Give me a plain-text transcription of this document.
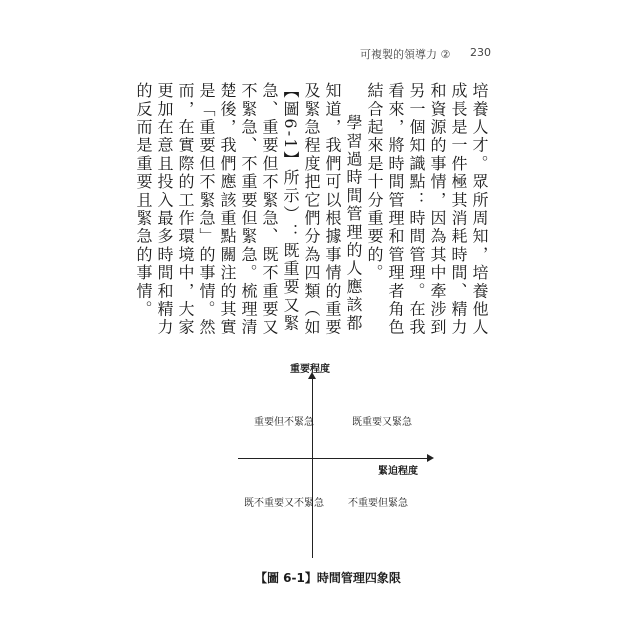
可複製的領導力 ② 230

培養人才。眾所周知，培養他人成長是一件極其消耗時間、精力和資源的事情，因為其中牽涉到另一個知識點：時間管理。在我看來，將時間管理和管理者角色結合起來是十分重要的。

學習過時間管理的人應該都知道，我們可以根據事情的重要及緊急程度把它們分為四類（如【圖6-1】所示）：既重要又緊急、重要但不緊急、既不重要又不緊急、不重要但緊急。梳理清楚後，我們應該重點關注的其實是「重要但不緊急」的事情。然而，在實際的工作環境中，大家更加在意且投入最多時間和精力的反而是重要且緊急的事情。

重要程度
緊迫程度
重要但不緊急	既重要又緊急
既不重要又不緊急 不重要但緊急
【圖 6-1】時間管理四象限
